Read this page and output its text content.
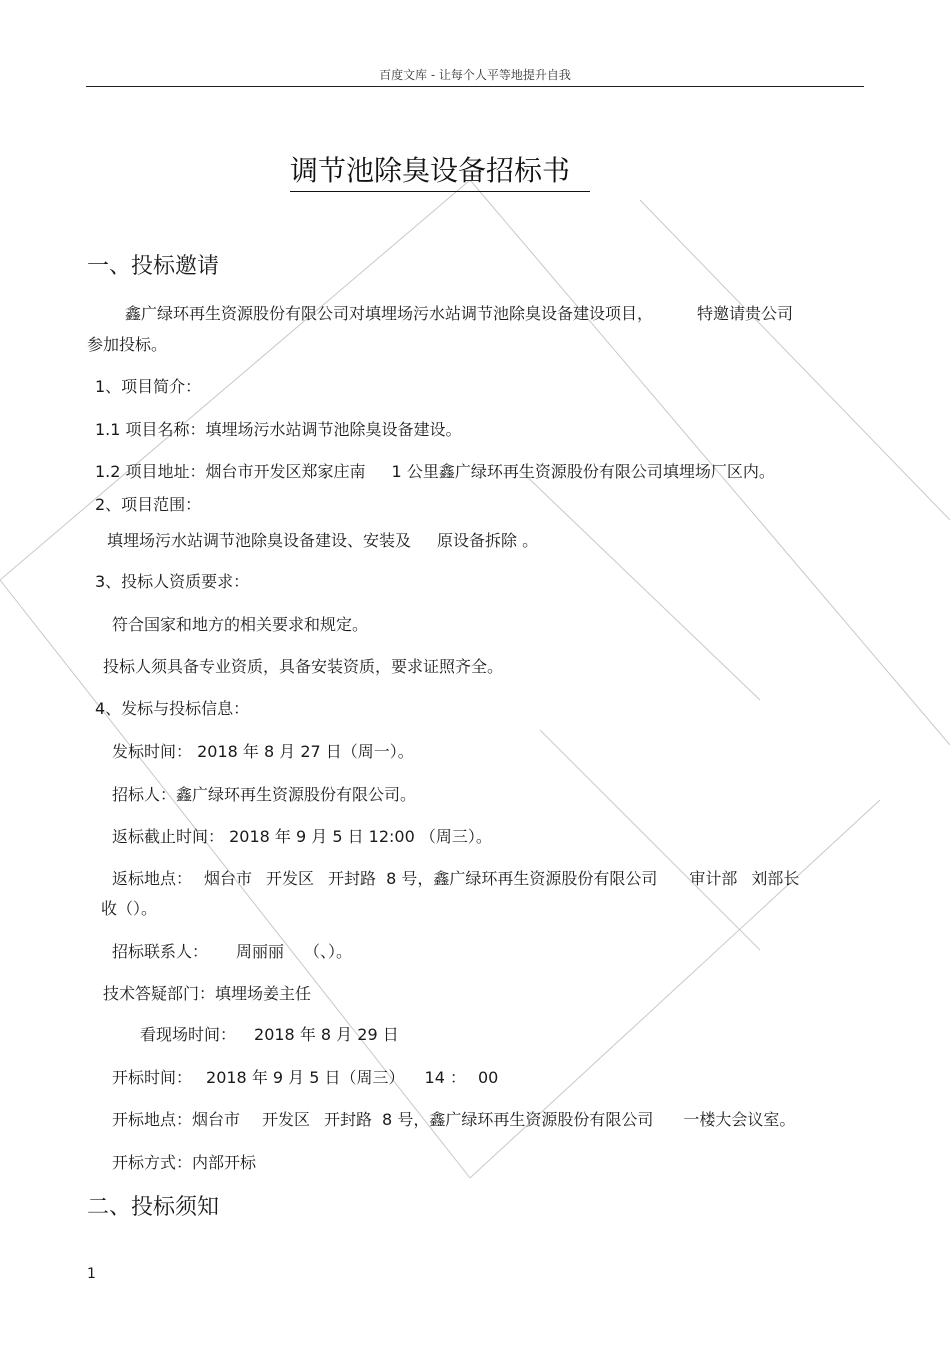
百度文库 - 让每个人平等地提升自我
调节池除臭设备招标书
一、投标邀请
鑫广绿环再生资源股份有限公司对填埋场污水站调节池除臭设备建设项目，	特邀请贵公司
参加投标。
1、项目简介：
1.1 项目名称：填埋场污水站调节池除臭设备建设。
1.2 项目地址：烟台市开发区郑家庄南 1 公里鑫广绿环再生资源股份有限公司填埋场厂区内。
2、项目范围：
填埋场污水站调节池除臭设备建设、安装及 原设备拆除 。
3、投标人资质要求：
符合国家和地方的相关要求和规定。
投标人须具备专业资质，具备安装资质，要求证照齐全。
4、发标与投标信息：
发标时间： 2018 年 8 月 27 日（周一）。
招标人：鑫广绿环再生资源股份有限公司。
返标截止时间： 2018 年 9 月 5 日 12:00 （周三）。
返标地点： 烟台市 开发区 开封路 8 号，鑫广绿环再生资源股份有限公司 审计部 刘部长
收（）。
招标联系人： 周丽丽 （、）。
技术答疑部门：填埋场姜主任
看现场时间： 2018 年 8 月 29 日
开标时间： 2018 年 9 月 5 日（周三） 14 ： 00
开标地点：烟台市 开发区 开封路 8 号，鑫广绿环再生资源股份有限公司 一楼大会议室。
开标方式：内部开标
二、投标须知
1
